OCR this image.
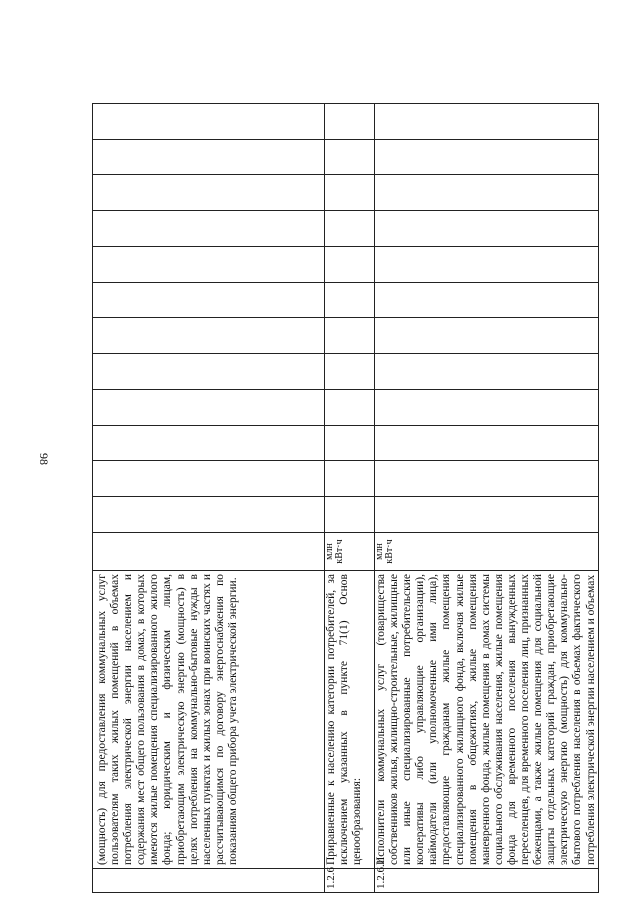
98

	(мощность) для предоставления коммунальных услуг пользователям таких жилых помещений в объемах потребления электрической энергии населением и содержания мест общего пользования в домах, в которых имеются жилые помещения специализированного жилого фонда; юридическим и физическим лицам, приобретающим электрическую энергию (мощность) в целях потребления на коммунально-бытовые нужды в населенных пунктах и жилых зонах при воинских частях и рассчитывающимся по договору энергоснабжения по показаниям общего прибора учета электрической энергии.													

1.2.6	Приравненные к населению категории потребителей, за исключением указанных в пункте 71(1) Основ ценообразования:	млн кВт·ч												
1.2.6.1	Исполнители коммунальных услуг (товарищества собственников жилья, жилищно-строительные, жилищные или иные специализированные потребительские кооперативы либо управляющие организации), наймодатели (или уполномоченные ими лица), предоставляющие гражданам жилые помещения специализированного жилищного фонда, включая жилые помещения в общежитиях, жилые помещения маневренного фонда, жилые помещения в домах системы социального обслуживания населения, жилые помещения фонда для временного поселения вынужденных переселенцев, для временного поселения лиц, признанных беженцами, а также жилые помещения для социальной защиты отдельных категорий граждан, приобретающие электрическую энергию (мощность) для коммунально-бытового потребления населения в объемах фактического потребления электрической энергии населением и объемах	млн кВт·ч												
